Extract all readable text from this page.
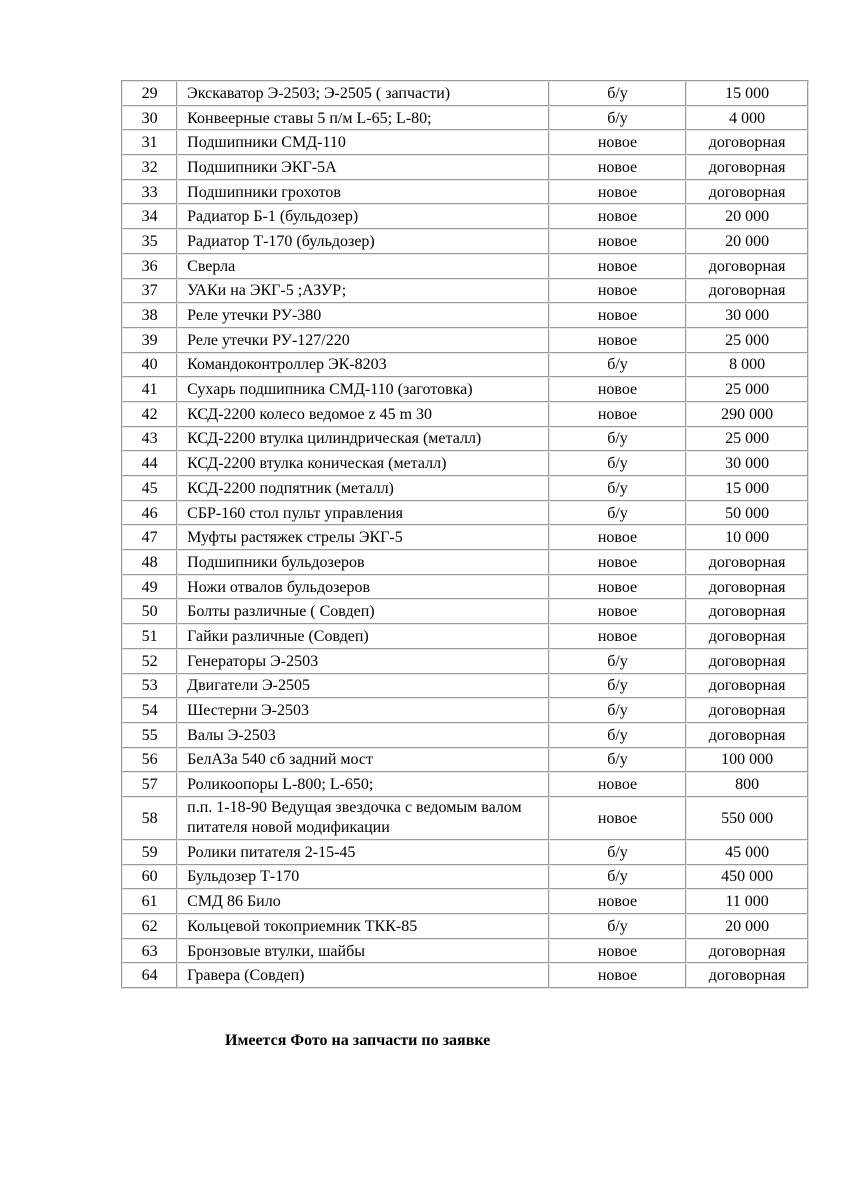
29	Экскаватор Э-2503; Э-2505 ( запчасти)	б/у	15 000
30	Конвеерные ставы 5 п/м L-65; L-80;	б/у	4 000
31	Подшипники СМД-110	новое	договорная
32	Подшипники ЭКГ-5А	новое	договорная
33	Подшипники грохотов	новое	договорная
34	Радиатор Б-1 (бульдозер)	новое	20 000
35	Радиатор Т-170 (бульдозер)	новое	20 000
36	Сверла	новое	договорная
37	УАКи на ЭКГ-5 ;АЗУР;	новое	договорная
38	Реле утечки РУ-380	новое	30 000
39	Реле утечки РУ-127/220	новое	25 000
40	Командоконтроллер ЭК-8203	б/у	8 000
41	Сухарь подшипника СМД-110 (заготовка)	новое	25 000
42	КСД-2200 колесо ведомое z 45 m 30	новое	290 000
43	КСД-2200 втулка цилиндрическая (металл)	б/у	25 000
44	КСД-2200 втулка коническая (металл)	б/у	30 000
45	КСД-2200 подпятник (металл)	б/у	15 000
46	СБР-160 стол пульт управления	б/у	50 000
47	Муфты растяжек стрелы ЭКГ-5	новое	10 000
48	Подшипники бульдозеров	новое	договорная
49	Ножи отвалов бульдозеров	новое	договорная
50	Болты различные ( Совдеп)	новое	договорная
51	Гайки различные (Совдеп)	новое	договорная
52	Генераторы Э-2503	б/у	договорная
53	Двигатели Э-2505	б/у	договорная
54	Шестерни Э-2503	б/у	договорная
55	Валы Э-2503	б/у	договорная
56	БелАЗа 540 сб задний мост	б/у	100 000
57	Роликоопоры L-800; L-650;	новое	800
58	п.п. 1-18-90 Ведущая звездочка с ведомым валом питателя новой модификации	новое	550 000
59	Ролики питателя 2-15-45	б/у	45 000
60	Бульдозер Т-170	б/у	450 000
61	СМД 86 Било	новое	11 000
62	Кольцевой токоприемник ТКК-85	б/у	20 000
63	Бронзовые втулки, шайбы	новое	договорная
64	Гравера (Совдеп)	новое	договорная
Имеется Фото на запчасти по заявке
